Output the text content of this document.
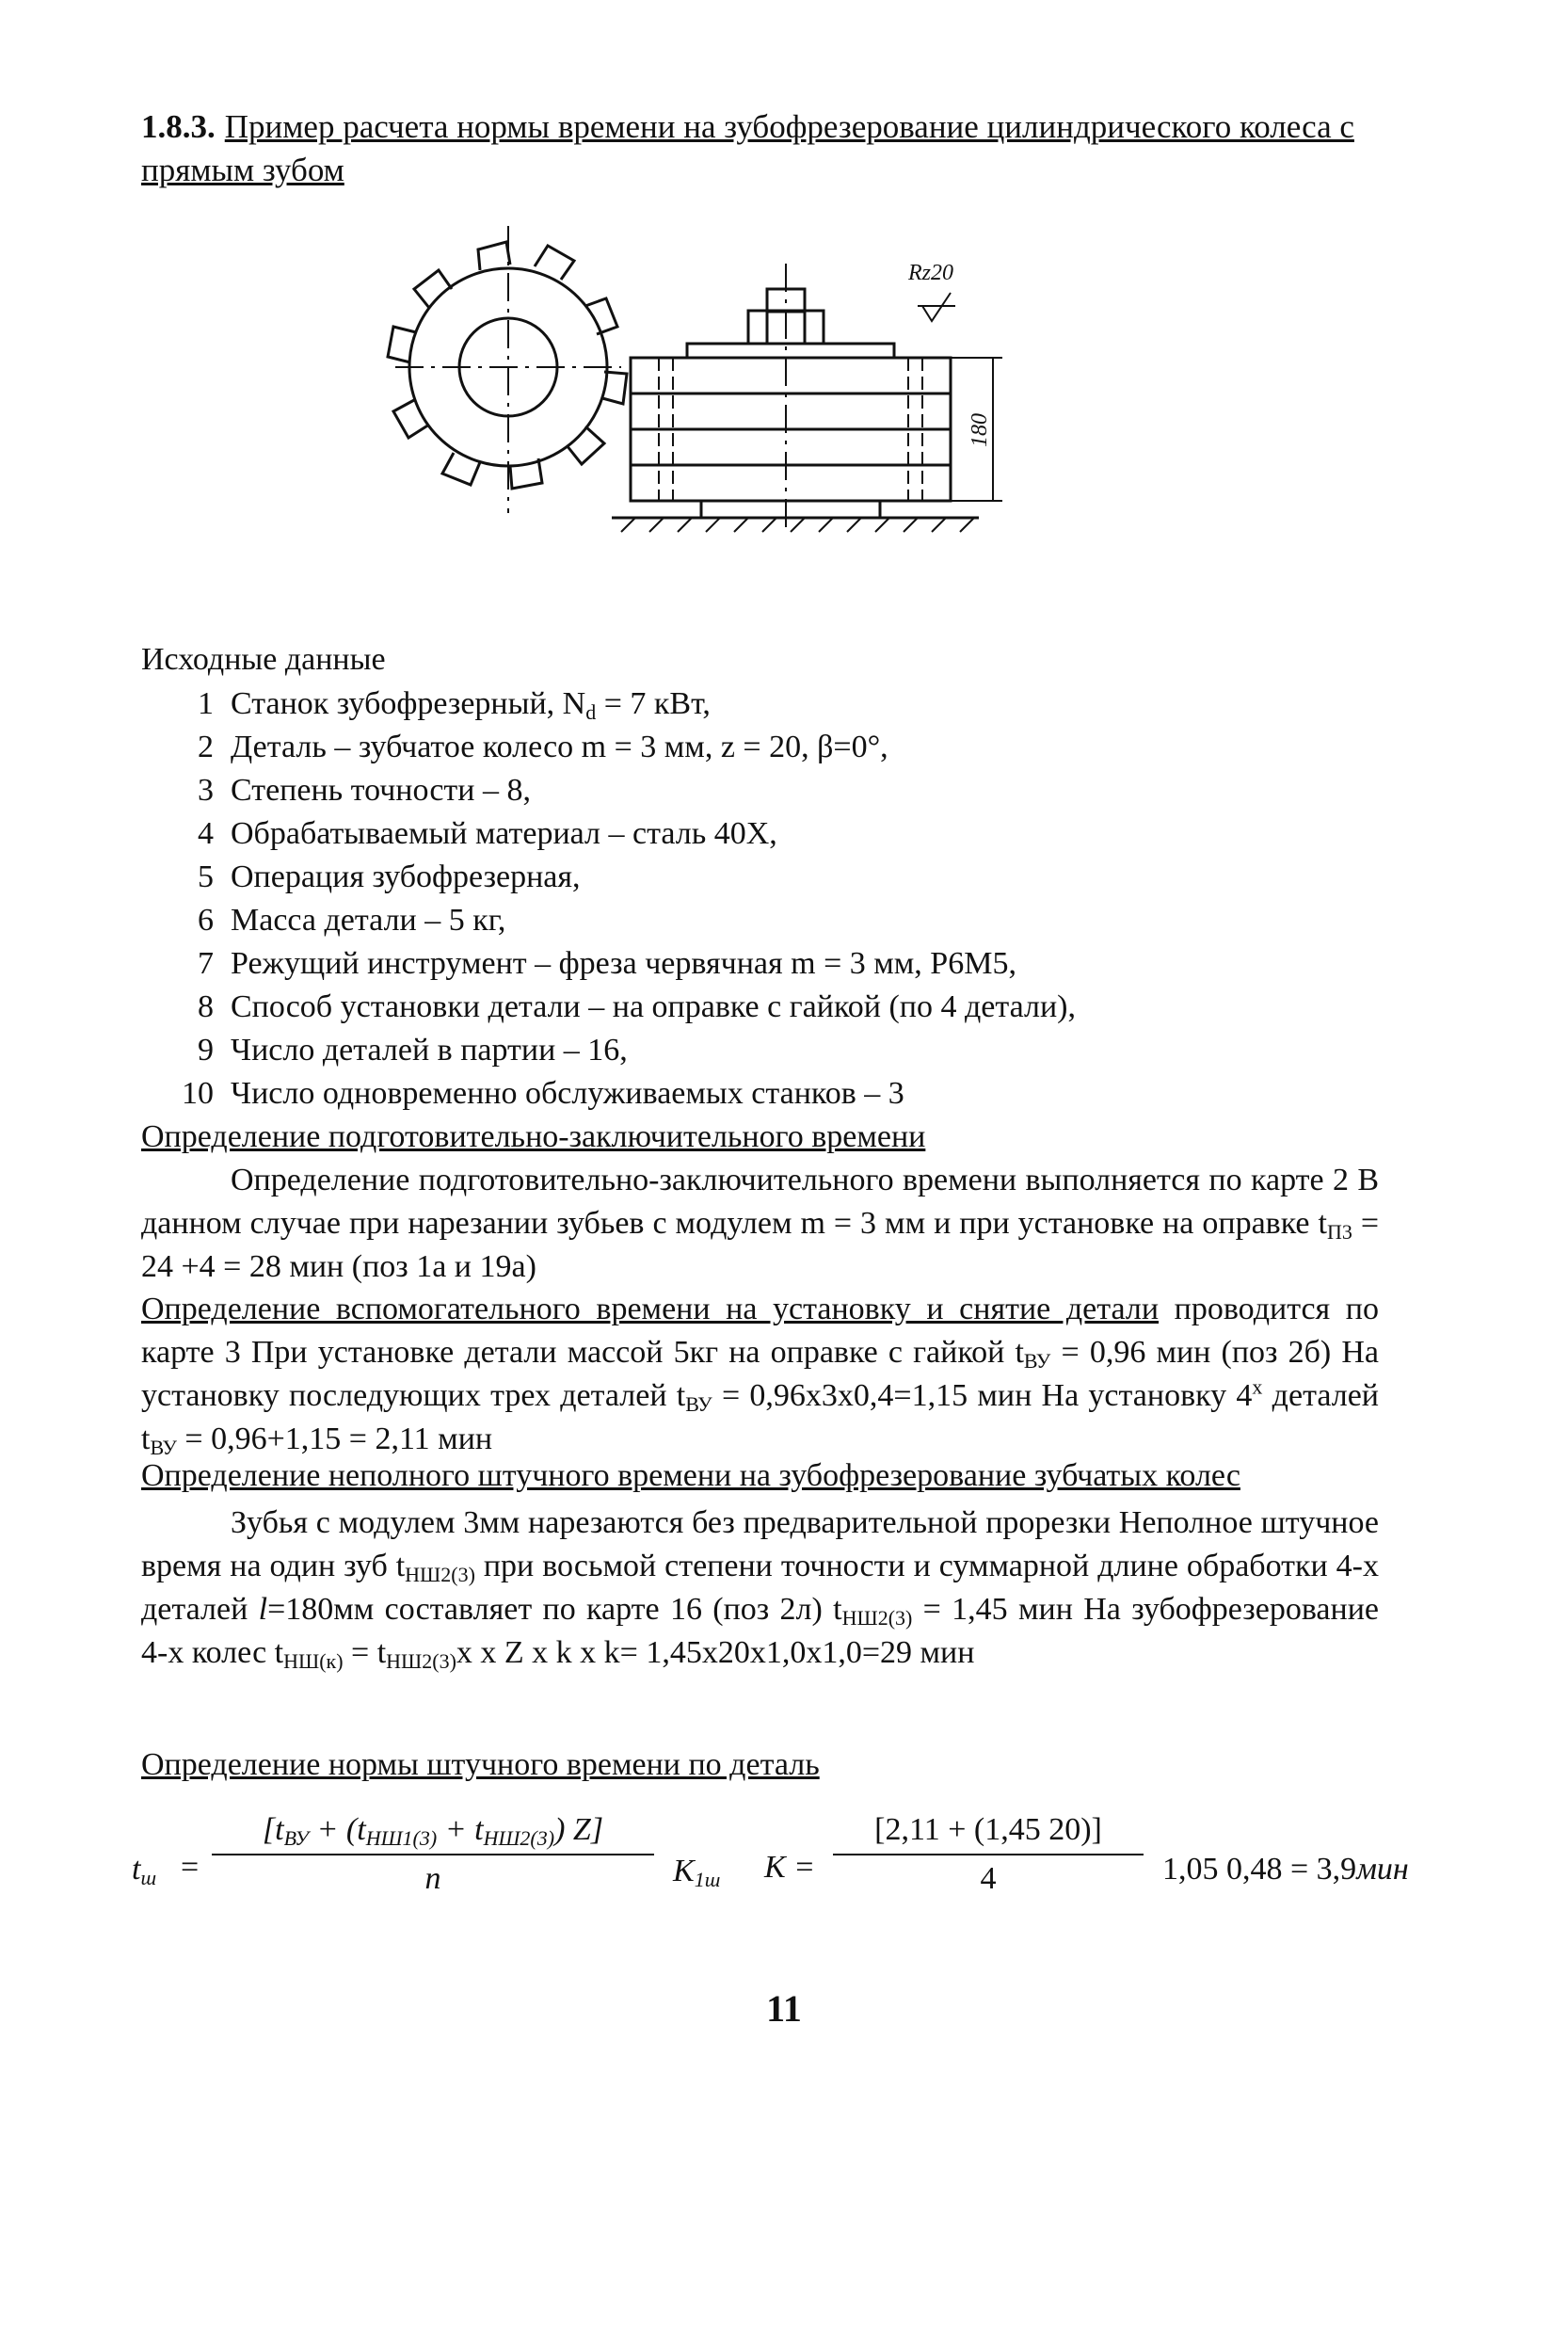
1.8.3. Пример расчета нормы времени на зубофрезерование цилиндрического колеса с прямым зубом
Rz20
180
Исходные данные
1 Станок зубофрезерный, $N_d = 7$ кВт,
2 Деталь – зубчатое колесо m = 3 мм, z = 20, β=0°,
3 Степень точности – 8,
4 Обрабатываемый материал – сталь 40Х,
5 Операция зубофрезерная,
6 Масса детали – 5 кг,
7 Режущий инструмент – фреза червячная m = 3 мм, Р6М5,
8 Способ установки детали – на оправке с гайкой (по 4 детали),
9 Число деталей в партии – 16,
10 Число одновременно обслуживаемых станков – 3
Определение подготовительно-заключительного времени
Определение подготовительно-заключительного времени выполняется по карте 2 В данном случае при нарезании зубьев с модулем m = 3 мм и при установке на оправке $t_{П3} = 24 +4 = 28$ мин (поз 1а и 19а)
Определение вспомогательного времени на установку и снятие детали проводится по карте 3 При установке детали массой 5кг на оправке с гайкой $t_{ВУ} = 0,96$ мин (поз 2б) На установку последующих трех деталей $t_{ВУ} = 0,96х3х0,4=1,15$ мин На установку $4^х$ деталей $t_{ВУ} = 0,96+1,15 = 2,11$ мин
Определение неполного штучного времени на зубофрезерование зубчатых колес
Зубья с модулем 3мм нарезаются без предварительной прорезки Неполное штучное время на один зуб $t_{НШ2(3)}$ при восьмой степени точности и суммарной длине обработки 4-х деталей l=180мм составляет по карте 16 (поз 2л) $t_{НШ2(3)} = 1,45$ мин На зубофрезерование 4-х колес $t_{НШ(к)} = t_{НШ2(3)}х$ х Z х k х k= 1,45х20х1,0х1,0=29 мин
Определение нормы штучного времени по деталь
$t_ш$ =
[$t_{ВУ} + (t_{НШ1(3)} + t_{НШ2(3)})$ Z]
n	$K_{1ш}$ $K = \frac{[2,11 + (1,45 20)]}{4} 1,05$ 0,48 = 3,9мин
11
